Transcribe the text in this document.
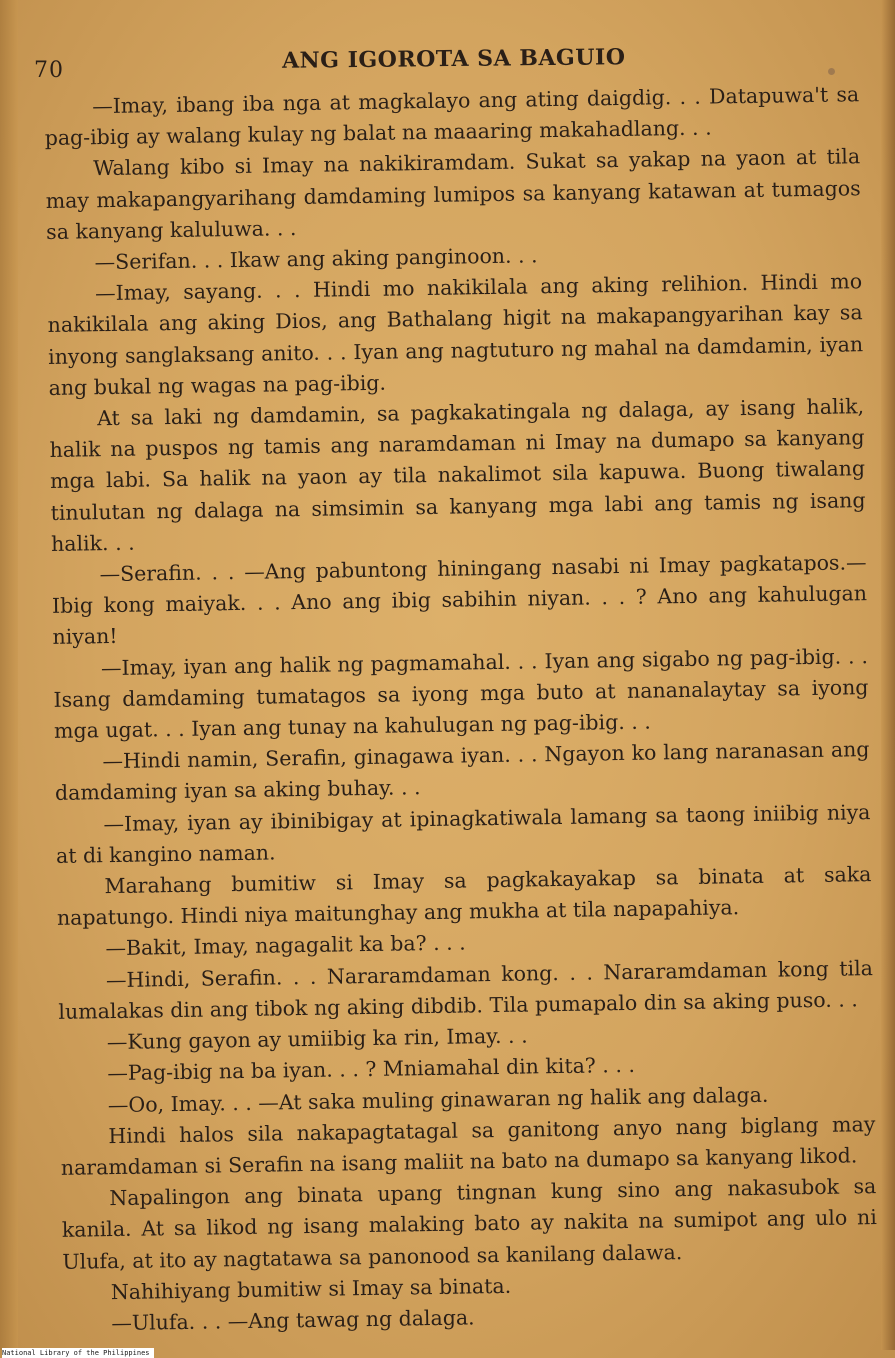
70	ANG IGOROTA SA BAGUIO

—Imay, ibang iba nga at magkalayo ang ating daigdig. . . Datapuwa't sa pag-ibig ay walang kulay ng balat na maaaring makahadlang. . .

Walang kibo si Imay na nakikiramdam. Sukat sa yakap na yaon at tila may makapangyarihang damdaming lumipos sa kanyang katawan at tumagos sa kanyang kaluluwa. . .

—Serifan. . . Ikaw ang aking panginoon. . .

—Imay, sayang. . . Hindi mo nakikilala ang aking relihion. Hindi mo nakikilala ang aking Dios, ang Bathalang higit na makapangyarihan kay sa inyong sanglaksang anito. . . Iyan ang nagtuturo ng mahal na damdamin, iyan ang bukal ng wagas na pag-ibig.

At sa laki ng damdamin, sa pagkakatingala ng dalaga, ay isang halik, halik na puspos ng tamis ang naramdaman ni Imay na dumapo sa kanyang mga labi. Sa halik na yaon ay tila nakalimot sila kapuwa. Buong tiwalang tinulutan ng dalaga na simsimin sa kanyang mga labi ang tamis ng isang halik. . .

—Serafin. . . —Ang pabuntong hiningang nasabi ni Imay pagkatapos.— Ibig kong maiyak. . . Ano ang ibig sabihin niyan. . . ? Ano ang kahulugan niyan!

—Imay, iyan ang halik ng pagmamahal. . . Iyan ang sigabo ng pag-ibig. . . Isang damdaming tumatagos sa iyong mga buto at nananalaytay sa iyong mga ugat. . . Iyan ang tunay na kahulugan ng pag-ibig. . .

—Hindi namin, Serafin, ginagawa iyan. . . Ngayon ko lang naranasan ang damdaming iyan sa aking buhay. . .

—Imay, iyan ay ibinibigay at ipinagkatiwala lamang sa taong iniibig niya at di kangino naman.

Marahang bumitiw si Imay sa pagkakayakap sa binata at saka napatungo. Hindi niya maitunghay ang mukha at tila napapahiya.

—Bakit, Imay, nagagalit ka ba? . . .

—Hindi, Serafin. . . Nararamdaman kong. . . Nararamdaman kong tila lumalakas din ang tibok ng aking dibdib. Tila pumapalo din sa aking puso. . .

—Kung gayon ay umiibig ka rin, Imay. . .

—Pag-ibig na ba iyan. . . ? Mniamahal din kita? . . .

—Oo, Imay. . . —At saka muling ginawaran ng halik ang dalaga.

Hindi halos sila nakapagtatagal sa ganitong anyo nang biglang may naramdaman si Serafin na isang maliit na bato na dumapo sa kanyang likod.

Napalingon ang binata upang tingnan kung sino ang nakasubok sa kanila. At sa likod ng isang malaking bato ay nakita na sumipot ang ulo ni Ulufa, at ito ay nagtatawa sa panonood sa kanilang dalawa.

Nahihiyang bumitiw si Imay sa binata.

—Ulufa. . . —Ang tawag ng dalaga.

National Library of the Philippines
